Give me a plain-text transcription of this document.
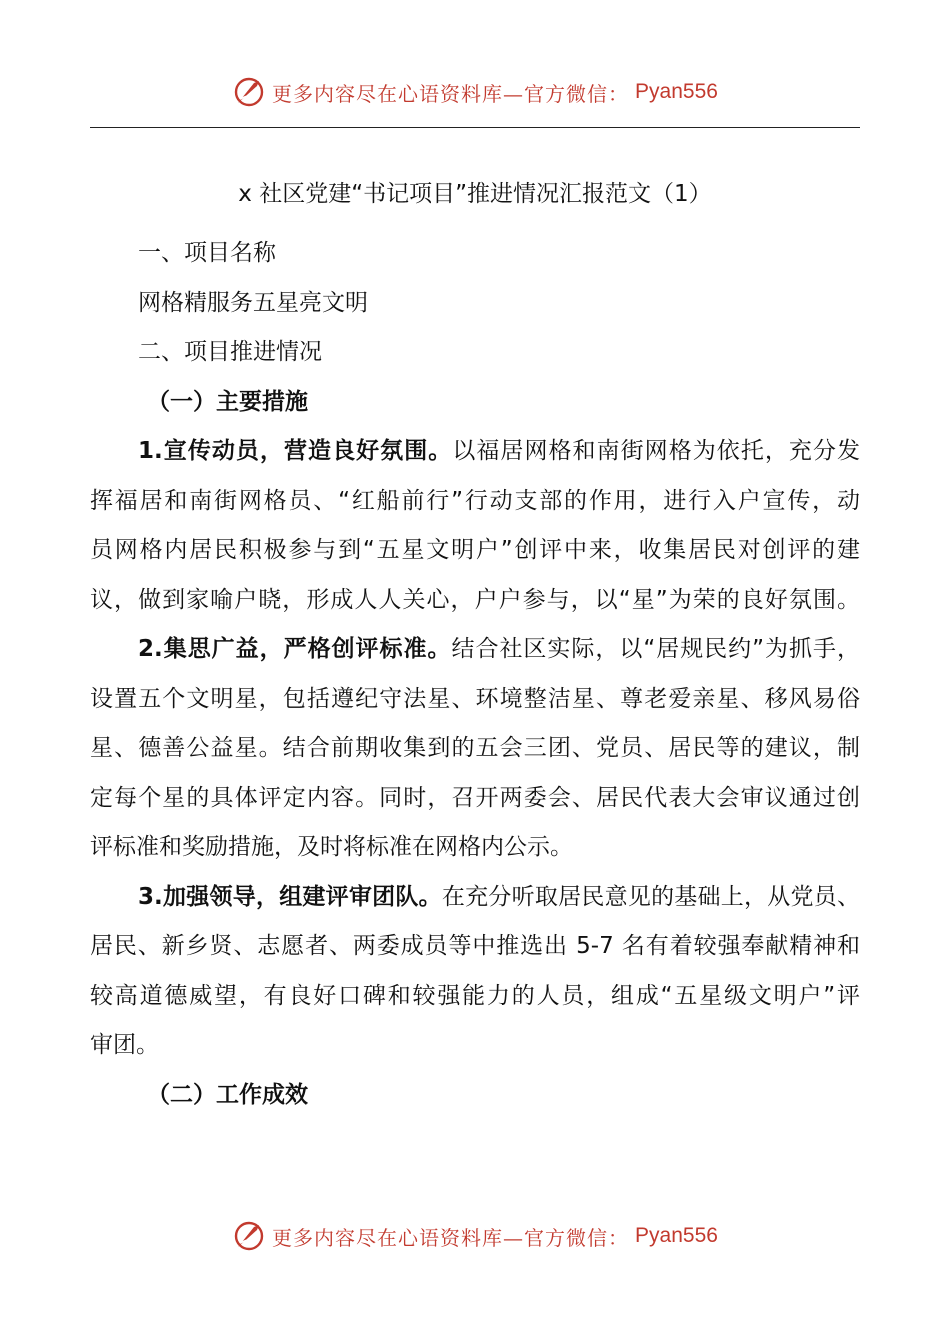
更多内容尽在心语资料库—官方微信： Pyan556

x 社区党建“书记项目”推进情况汇报范文（1）

一、项目名称

网格精服务五星亮文明

二、项目推进情况

（一）主要措施

1.宣传动员，营造良好氛围。以福居网格和南街网格为依托，充分发

挥福居和南街网格员、“红船前行”行动支部的作用，进行入户宣传，动

员网格内居民积极参与到“五星文明户”创评中来，收集居民对创评的建

议，做到家喻户晓，形成人人关心，户户参与，以“星”为荣的良好氛围。

2.集思广益，严格创评标准。结合社区实际，以“居规民约”为抓手，

设置五个文明星，包括遵纪守法星、环境整洁星、尊老爱亲星、移风易俗

星、德善公益星。结合前期收集到的五会三团、党员、居民等的建议，制

定每个星的具体评定内容。同时，召开两委会、居民代表大会审议通过创

评标准和奖励措施，及时将标准在网格内公示。

3.加强领导，组建评审团队。在充分听取居民意见的基础上，从党员、

居民、新乡贤、志愿者、两委成员等中推选出 5-7 名有着较强奉献精神和

较高道德威望，有良好口碑和较强能力的人员，组成“五星级文明户”评

审团。

（二）工作成效

更多内容尽在心语资料库—官方微信： Pyan556
